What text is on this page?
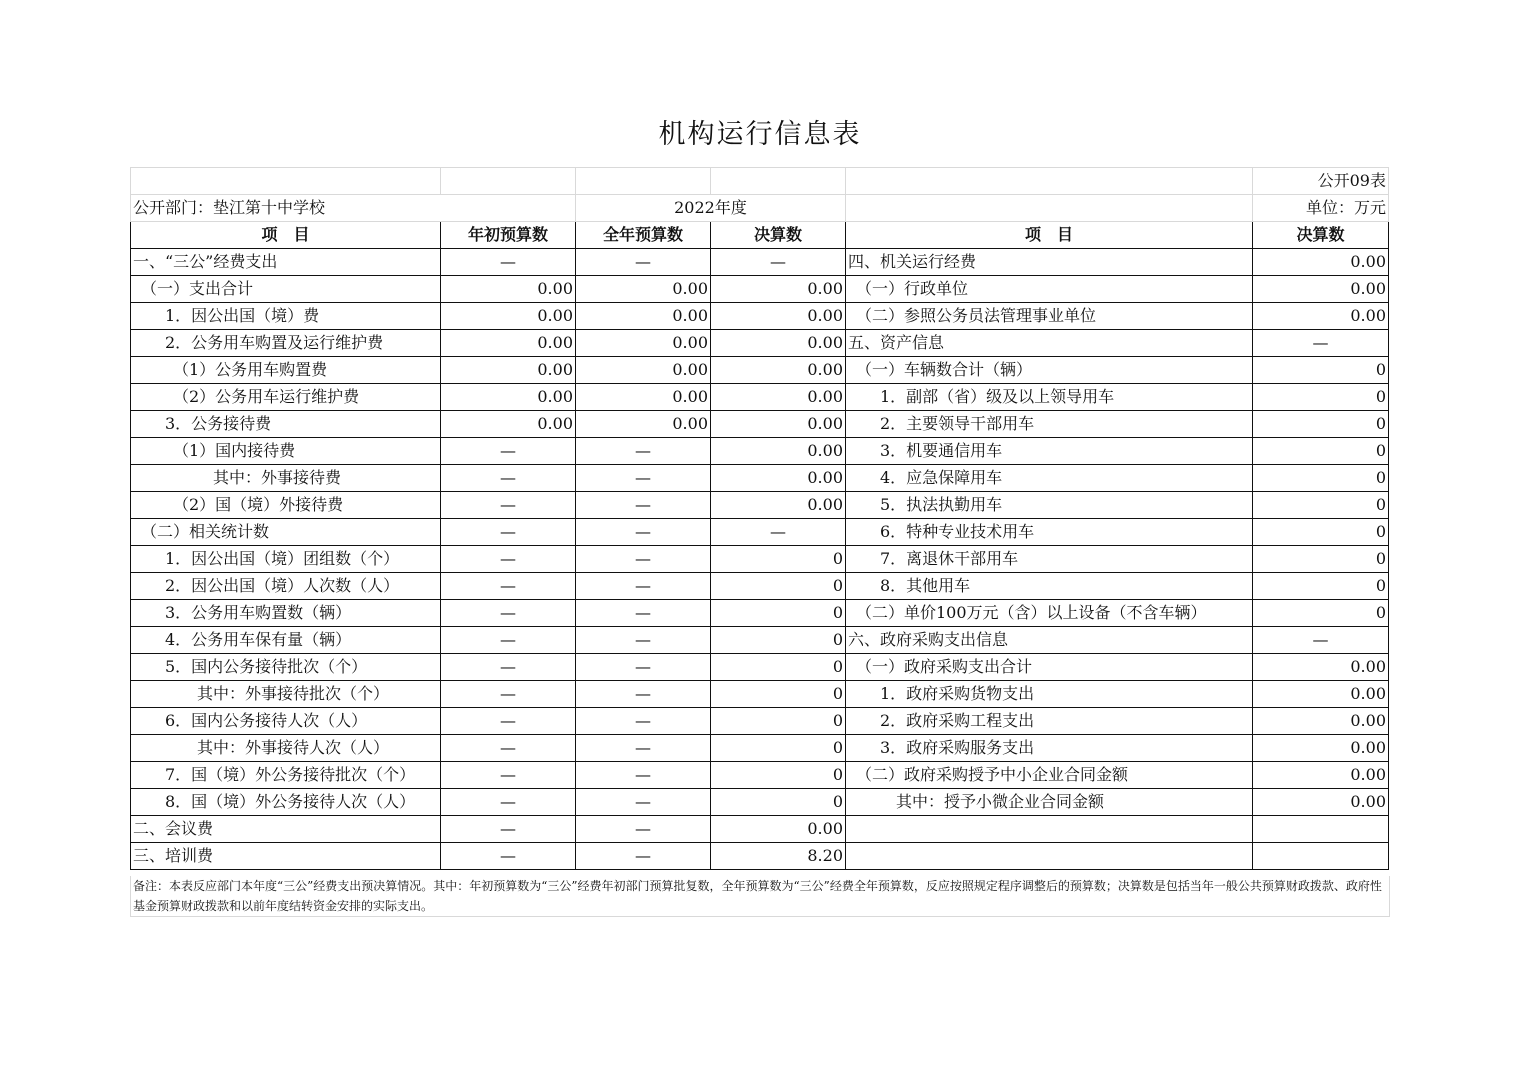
机构运行信息表
					公开09表
公开部门：垫江第十中学校		2022年度			单位：万元
项　目	年初预算数	全年预算数	决算数	项　目	决算数
一、“三公”经费支出	—	—	—	四、机关运行经费	0.00
　（一）支出合计	0.00	0.00	0.00	　（一）行政单位	0.00
　　1．因公出国（境）费	0.00	0.00	0.00	　（二）参照公务员法管理事业单位	0.00
　　2．公务用车购置及运行维护费	0.00	0.00	0.00	五、资产信息	—
　　　（1）公务用车购置费	0.00	0.00	0.00	　（一）车辆数合计（辆）	0
　　　（2）公务用车运行维护费	0.00	0.00	0.00	　　1．副部（省）级及以上领导用车	0
　　3．公务接待费	0.00	0.00	0.00	　　2．主要领导干部用车	0
　　　（1）国内接待费	—	—	0.00	　　3．机要通信用车	0
　　　　　其中：外事接待费	—	—	0.00	　　4．应急保障用车	0
　　　（2）国（境）外接待费	—	—	0.00	　　5．执法执勤用车	0
　（二）相关统计数	—	—	—	　　6．特种专业技术用车	0
　　1．因公出国（境）团组数（个）	—	—	0	　　7．离退休干部用车	0
　　2．因公出国（境）人次数（人）	—	—	0	　　8．其他用车	0
　　3．公务用车购置数（辆）	—	—	0	　（二）单价100万元（含）以上设备（不含车辆）	0
　　4．公务用车保有量（辆）	—	—	0	六、政府采购支出信息	—
　　5．国内公务接待批次（个）	—	—	0	　（一）政府采购支出合计	0.00
　　　　其中：外事接待批次（个）	—	—	0	　　1．政府采购货物支出	0.00
　　6．国内公务接待人次（人）	—	—	0	　　2．政府采购工程支出	0.00
　　　　其中：外事接待人次（人）	—	—	0	　　3．政府采购服务支出	0.00
　　7．国（境）外公务接待批次（个）	—	—	0	　（二）政府采购授予中小企业合同金额	0.00
　　8．国（境）外公务接待人次（人）	—	—	0	　　　其中：授予小微企业合同金额	0.00
二、会议费	—	—	0.00		
三、培训费	—	—	8.20		
备注：本表反应部门本年度“三公”经费支出预决算情况。其中：年初预算数为“三公”经费年初部门预算批复数，全年预算数为“三公”经费全年预算数，反应按照规定程序调整后的预算数；决算数是包括当年一般公共预算财政拨款、政府性基金预算财政拨款和以前年度结转资金安排的实际支出。
